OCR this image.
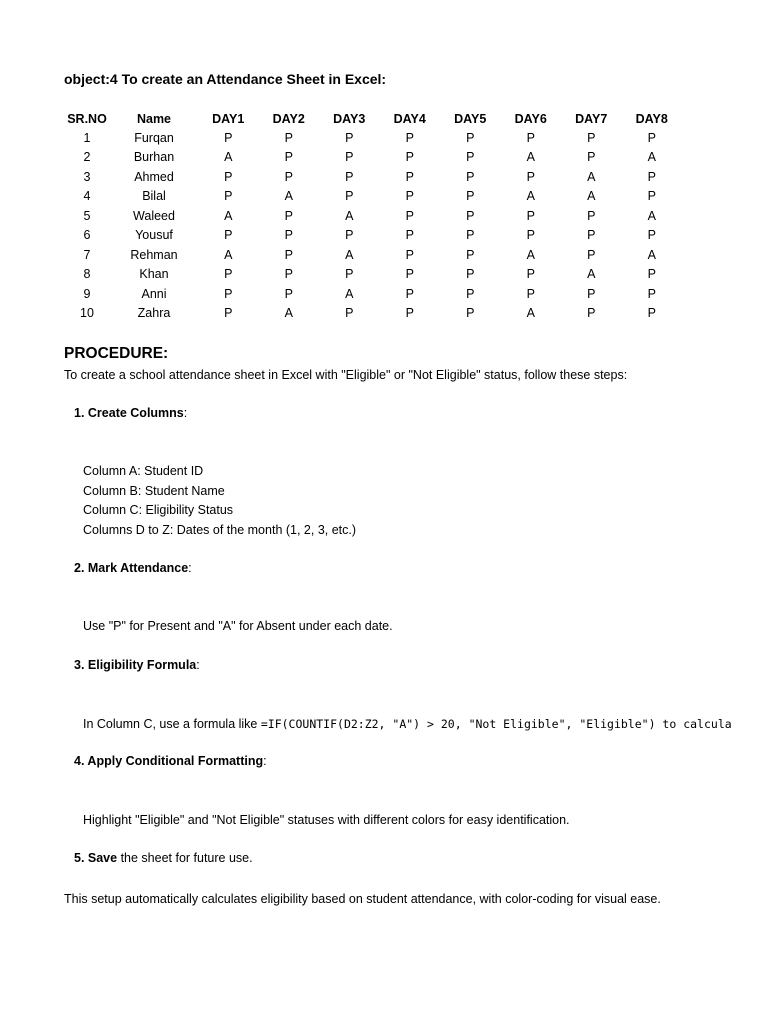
object:4 To create an Attendance Sheet in Excel:
SR.NO	Name	DAY1	DAY2	DAY3	DAY4	DAY5	DAY6	DAY7	DAY8
1	Furqan	P	P	P	P	P	P	P	P
2	Burhan	A	P	P	P	P	A	P	A
3	Ahmed	P	P	P	P	P	P	A	P
4	Bilal	P	A	P	P	P	A	A	P
5	Waleed	A	P	A	P	P	P	P	A
6	Yousuf	P	P	P	P	P	P	P	P
7	Rehman	A	P	A	P	P	A	P	A
8	Khan	P	P	P	P	P	P	A	P
9	Anni	P	P	A	P	P	P	P	P
10	Zahra	P	A	P	P	P	A	P	P
PROCEDURE:
To create a school attendance sheet in Excel with "Eligible" or "Not Eligible" status, follow these steps:
1. Create Columns:
Column A: Student ID
Column B: Student Name
Column C: Eligibility Status
Columns D to Z: Dates of the month (1, 2, 3, etc.)
2. Mark Attendance:
Use "P" for Present and "A" for Absent under each date.
3. Eligibility Formula:
In Column C, use a formula like =IF(COUNTIF(D2:Z2, "A") > 20, "Not Eligible", "Eligible") to calcula
4. Apply Conditional Formatting:
Highlight "Eligible" and "Not Eligible" statuses with different colors for easy identification.
5. Save the sheet for future use.
This setup automatically calculates eligibility based on student attendance, with color-coding for visual ease.
